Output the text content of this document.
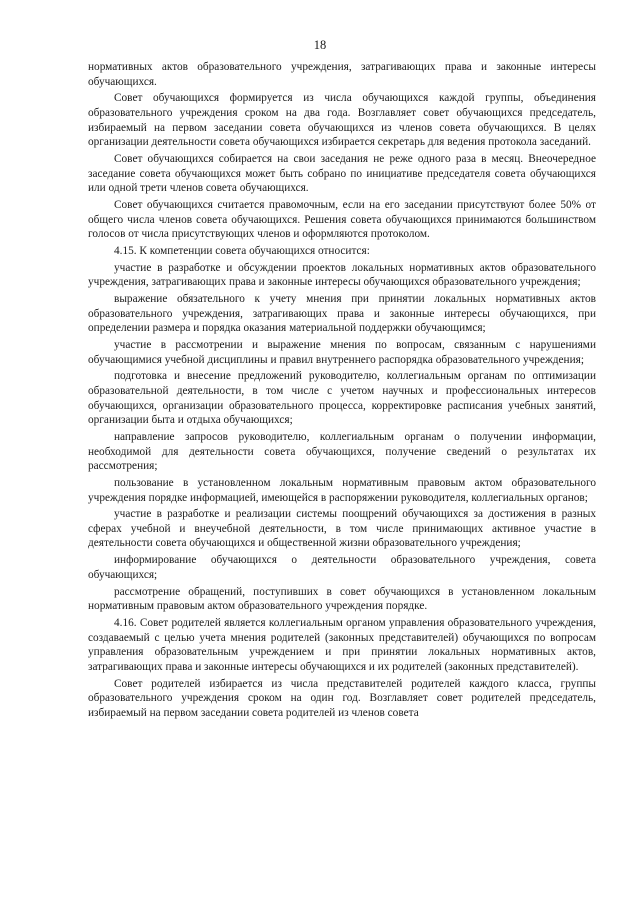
18

нормативных актов образовательного учреждения, затрагивающих права и законные интересы обучающихся.

Совет обучающихся формируется из числа обучающихся каждой группы, объединения образовательного учреждения сроком на два года. Возглавляет совет обучающихся председатель, избираемый на первом заседании совета обучающихся из членов совета обучающихся. В целях организации деятельности совета обучающихся избирается секретарь для ведения протокола заседаний.

Совет обучающихся собирается на свои заседания не реже одного раза в месяц. Внеочередное заседание совета обучающихся может быть собрано по инициативе председателя совета обучающихся или одной трети членов совета обучающихся.

Совет обучающихся считается правомочным, если на его заседании присутствуют более 50% от общего числа членов совета обучающихся. Решения совета обучающихся принимаются большинством голосов от числа присутствующих членов и оформляются протоколом.

4.15. К компетенции совета обучающихся относится:

участие в разработке и обсуждении проектов локальных нормативных актов образовательного учреждения, затрагивающих права и законные интересы обучающихся образовательного учреждения;

выражение обязательного к учету мнения при принятии локальных нормативных актов образовательного учреждения, затрагивающих права и законные интересы обучающихся, при определении размера и порядка оказания материальной поддержки обучающимся;

участие в рассмотрении и выражение мнения по вопросам, связанным с нарушениями обучающимися учебной дисциплины и правил внутреннего распорядка образовательного учреждения;

подготовка и внесение предложений руководителю, коллегиальным органам по оптимизации образовательной деятельности, в том числе с учетом научных и профессиональных интересов обучающихся, организации образовательного процесса, корректировке расписания учебных занятий, организации быта и отдыха обучающихся;

направление запросов руководителю, коллегиальным органам о получении информации, необходимой для деятельности совета обучающихся, получение сведений о результатах их рассмотрения;

пользование в установленном локальным нормативным правовым актом образовательного учреждения порядке информацией, имеющейся в распоряжении руководителя, коллегиальных органов;

участие в разработке и реализации системы поощрений обучающихся за достижения в разных сферах учебной и внеучебной деятельности, в том числе принимающих активное участие в деятельности совета обучающихся и общественной жизни образовательного учреждения;

информирование обучающихся о деятельности образовательного учреждения, совета обучающихся;

рассмотрение обращений, поступивших в совет обучающихся в установленном локальным нормативным правовым актом образовательного учреждения порядке.

4.16. Совет родителей является коллегиальным органом управления образовательного учреждения, создаваемый с целью учета мнения родителей (законных представителей) обучающихся по вопросам управления образовательным учреждением и при принятии локальных нормативных актов, затрагивающих права и законные интересы обучающихся и их родителей (законных представителей).

Совет родителей избирается из числа представителей родителей каждого класса, группы образовательного учреждения сроком на один год. Возглавляет совет родителей председатель, избираемый на первом заседании совета родителей из членов совета
